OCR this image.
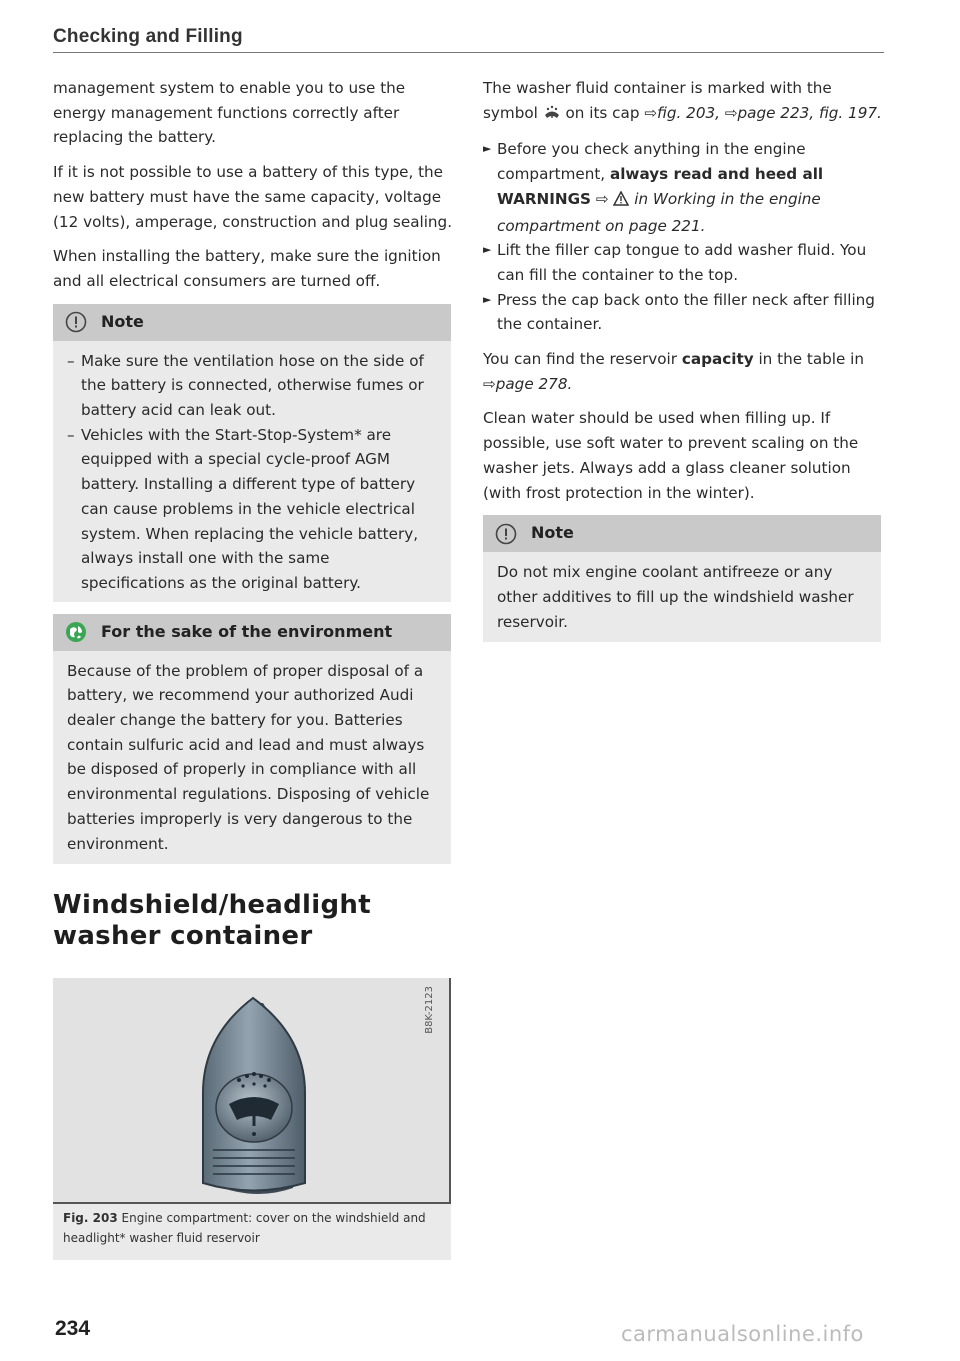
Checking and Filling

management system to enable you to use the energy management functions correctly after replacing the battery.

If it is not possible to use a battery of this type, the new battery must have the same capacity, voltage (12 volts), amperage, construction and plug sealing.

When installing the battery, make sure the ignition and all electrical consumers are turned off.

Note
– Make sure the ventilation hose on the side of the battery is connected, otherwise fumes or battery acid can leak out.
– Vehicles with the Start-Stop-System* are equipped with a special cycle-proof AGM battery. Installing a different type of battery can cause problems in the vehicle electrical system. When replacing the vehicle battery, always install one with the same specifications as the original battery.
For the sake of the environment

Because of the problem of proper disposal of a battery, we recommend your authorized Audi dealer change the battery for you. Batteries contain sulfuric acid and lead and must always be disposed of properly in compliance with all environmental regulations. Disposing of vehicle batteries improperly is very dangerous to the environment.

Windshield/headlight washer container
B8K-2123
Fig. 203 Engine compartment: cover on the windshield and headlight* washer fluid reservoir

The washer fluid container is marked with the symbol on its cap ⇨fig. 203, ⇨page 223, fig. 197.

► Before you check anything in the engine compartment, always read and heed all WARNINGS ⇨ in Working in the engine compartment on page 221.
► Lift the filler cap tongue to add washer fluid. You can fill the container to the top.
► Press the cap back onto the filler neck after filling the container.

You can find the reservoir capacity in the table in ⇨page 278.

Clean water should be used when filling up. If possible, use soft water to prevent scaling on the washer jets. Always add a glass cleaner solution (with frost protection in the winter).

Note

Do not mix engine coolant antifreeze or any other additives to fill up the windshield washer reservoir.

234	carmanualsonline.info
